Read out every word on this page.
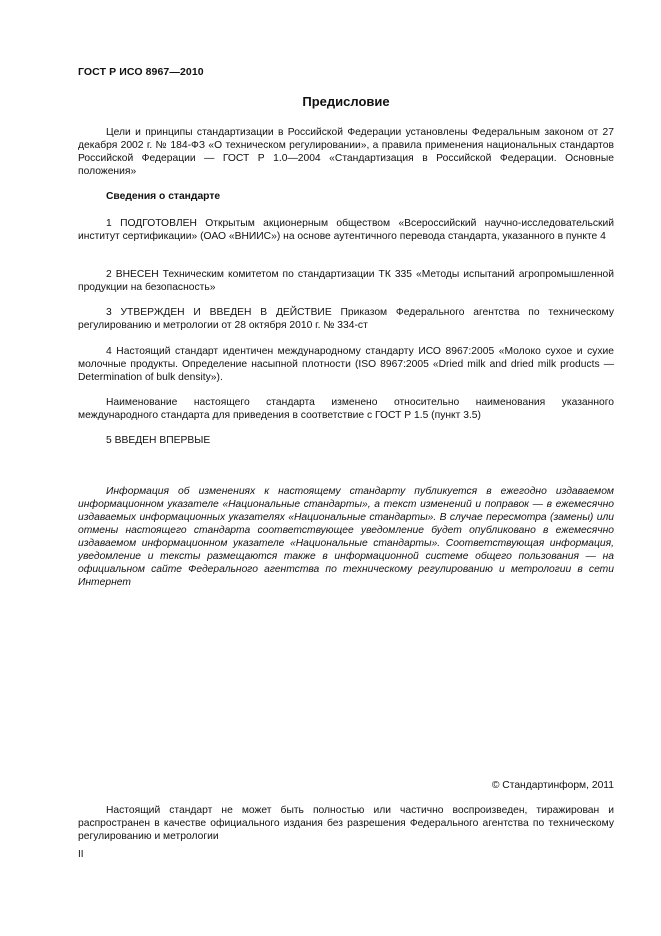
ГОСТ Р ИСО 8967—2010
Предисловие

Цели и принципы стандартизации в Российской Федерации установлены Федеральным законом от 27 декабря 2002 г. № 184-ФЗ «О техническом регулировании», а правила применения национальных стандартов Российской Федерации — ГОСТ Р 1.0—2004 «Стандартизация в Российской Федерации. Основные положения»

Сведения о стандарте

1 ПОДГОТОВЛЕН Открытым акционерным обществом «Всероссийский научно-исследовательский институт сертификации» (ОАО «ВНИИС») на основе аутентичного перевода стандарта, указанного в пункте 4

2 ВНЕСЕН Техническим комитетом по стандартизации ТК 335 «Методы испытаний агропромышленной продукции на безопасность»

3 УТВЕРЖДЕН И ВВЕДЕН В ДЕЙСТВИЕ Приказом Федерального агентства по техническому регулированию и метрологии от 28 октября 2010 г. № 334-ст

4 Настоящий стандарт идентичен международному стандарту ИСО 8967:2005 «Молоко сухое и сухие молочные продукты. Определение насыпной плотности (ISO 8967:2005 «Dried milk and dried milk products — Determination of bulk density»).

Наименование настоящего стандарта изменено относительно наименования указанного международного стандарта для приведения в соответствие с ГОСТ Р 1.5 (пункт 3.5)

5 ВВЕДЕН ВПЕРВЫЕ

Информация об изменениях к настоящему стандарту публикуется в ежегодно издаваемом информационном указателе «Национальные стандарты», а текст изменений и поправок — в ежемесячно издаваемых информационных указателях «Национальные стандарты». В случае пересмотра (замены) или отмены настоящего стандарта соответствующее уведомление будет опубликовано в ежемесячно издаваемом информационном указателе «Национальные стандарты». Соответствующая информация, уведомление и тексты размещаются также в информационной системе общего пользования — на официальном сайте Федерального агентства по техническому регулированию и метрологии в сети Интернет

© Стандартинформ, 2011

Настоящий стандарт не может быть полностью или частично воспроизведен, тиражирован и распространен в качестве официального издания без разрешения Федерального агентства по техническому регулированию и метрологии

II
